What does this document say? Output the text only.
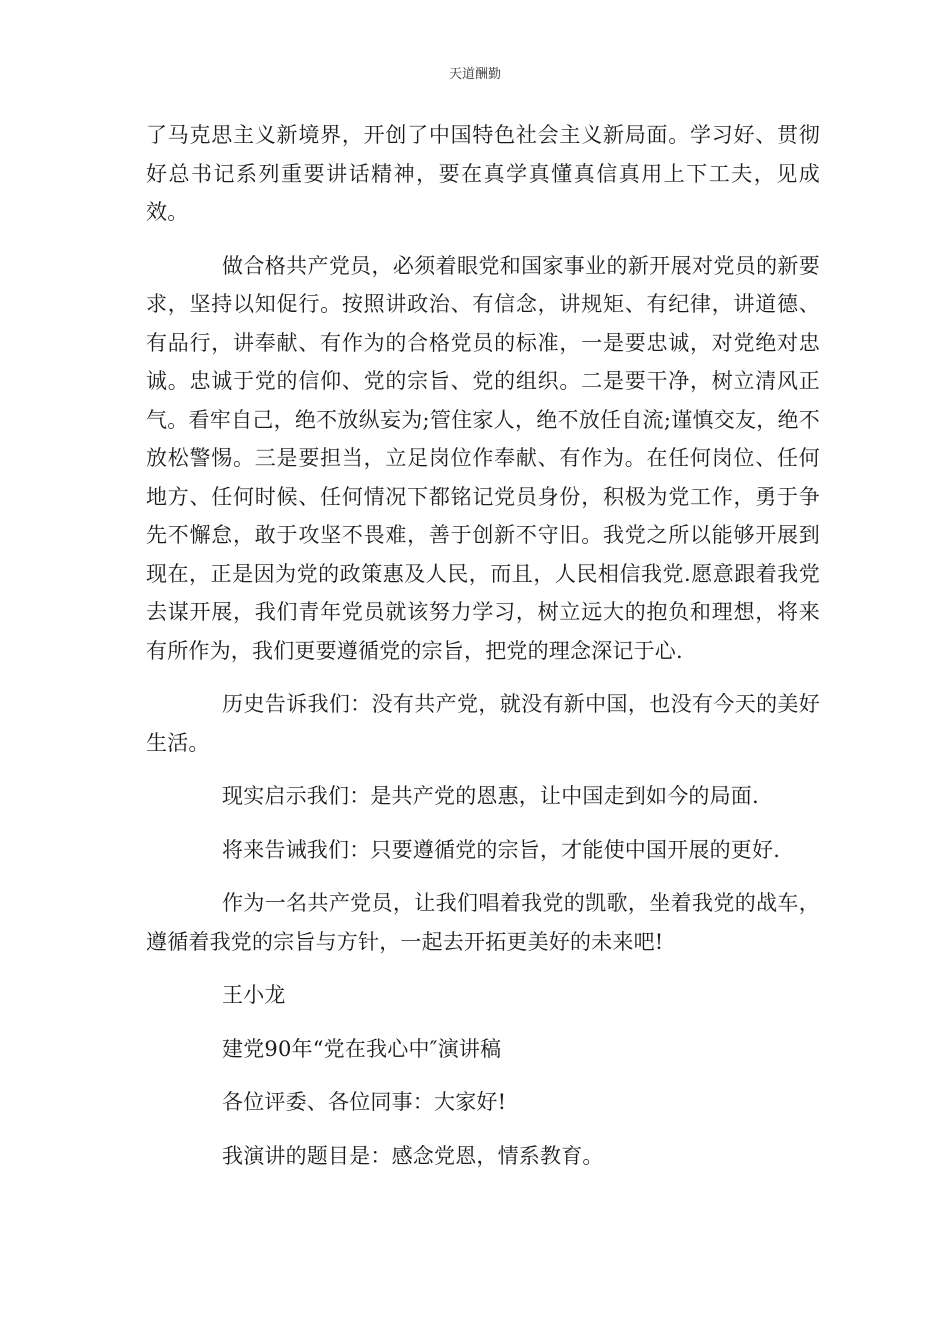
天道酬勤

了马克思主义新境界，开创了中国特色社会主义新局面。学习好、贯彻好总书记系列重要讲话精神，要在真学真懂真信真用上下工夫，见成效。

做合格共产党员，必须着眼党和国家事业的新开展对党员的新要求，坚持以知促行。按照讲政治、有信念，讲规矩、有纪律，讲道德、有品行，讲奉献、有作为的合格党员的标准，一是要忠诚，对党绝对忠诚。忠诚于党的信仰、党的宗旨、党的组织。二是要干净，树立清风正气。看牢自己，绝不放纵妄为;管住家人，绝不放任自流;谨慎交友，绝不放松警惕。三是要担当，立足岗位作奉献、有作为。在任何岗位、任何地方、任何时候、任何情况下都铭记党员身份，积极为党工作，勇于争先不懈怠，敢于攻坚不畏难，善于创新不守旧。我党之所以能够开展到现在，正是因为党的政策惠及人民，而且，人民相信我党.愿意跟着我党去谋开展，我们青年党员就该努力学习，树立远大的抱负和理想，将来有所作为，我们更要遵循党的宗旨，把党的理念深记于心.

历史告诉我们：没有共产党，就没有新中国，也没有今天的美好生活。

现实启示我们：是共产党的恩惠，让中国走到如今的局面.

将来告诫我们：只要遵循党的宗旨，才能使中国开展的更好.

作为一名共产党员，让我们唱着我党的凯歌，坐着我党的战车，遵循着我党的宗旨与方针，一起去开拓更美好的未来吧!

王小龙

建党90年“党在我心中″演讲稿

各位评委、各位同事：大家好!

我演讲的题目是：感念党恩，情系教育。
